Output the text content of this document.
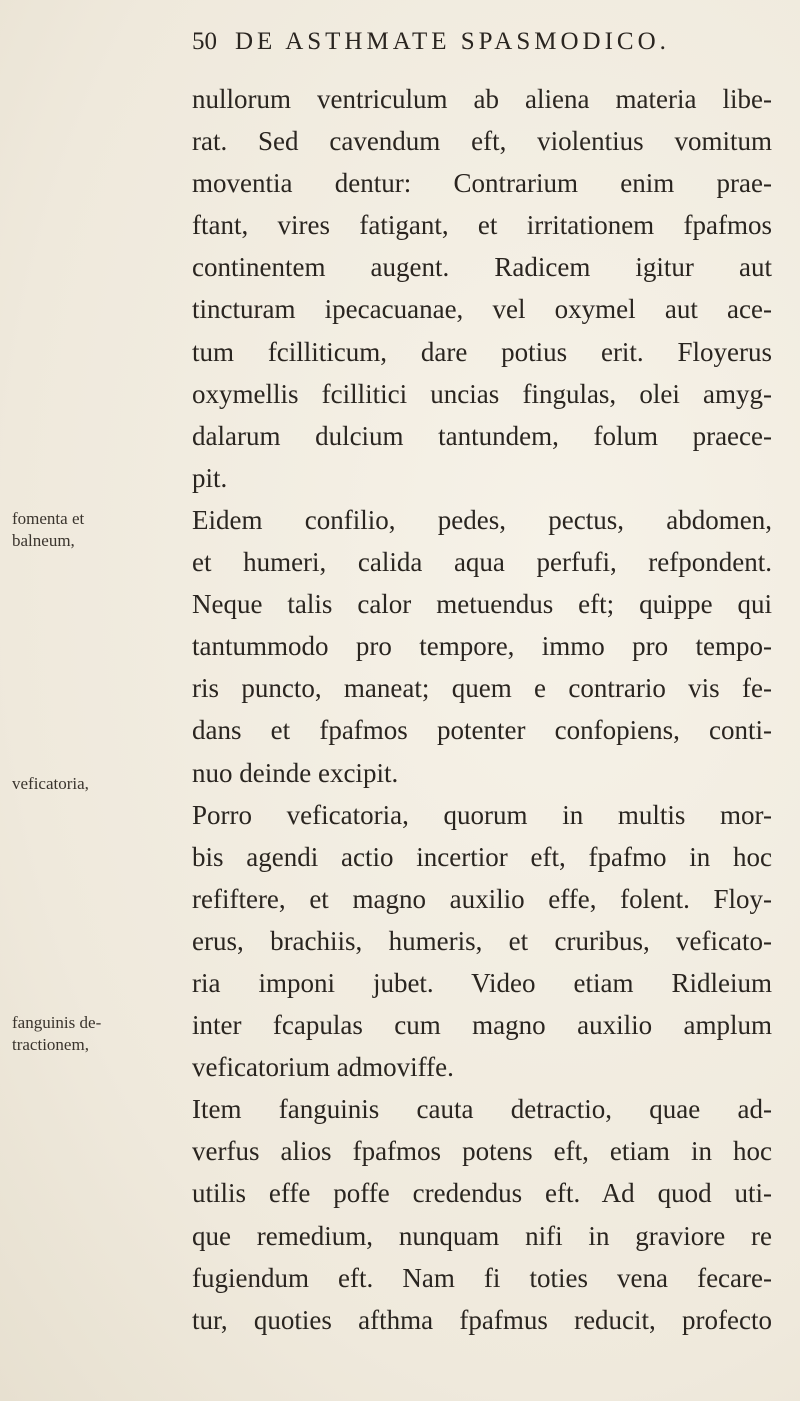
50 DE ASTHMATE SPASMODICO.
fomenta et
balneum,
veficatoria,
fanguinis de-
tractionem,
nullorum ventriculum ab aliena materia libe-
rat. Sed cavendum eft, violentius vomitum
moventia dentur: Contrarium enim prae-
ftant, vires fatigant, et irritationem fpafmos
continentem augent. Radicem igitur aut
tincturam ipecacuanae, vel oxymel aut ace-
tum fcilliticum, dare potius erit. Floyerus
oxymellis fcillitici uncias fingulas, olei amyg-
dalarum dulcium tantundem, folum praece-
pit.
Eidem confilio, pedes, pectus, abdomen,
et humeri, calida aqua perfufi, refpondent.
Neque talis calor metuendus eft; quippe qui
tantummodo pro tempore, immo pro tempo-
ris puncto, maneat; quem e contrario vis fe-
dans et fpafmos potenter confopiens, conti-
nuo deinde excipit.
Porro veficatoria, quorum in multis mor-
bis agendi actio incertior eft, fpafmo in hoc
refiftere, et magno auxilio effe, folent. Floy-
erus, brachiis, humeris, et cruribus, veficato-
ria imponi jubet. Video etiam Ridleium
inter fcapulas cum magno auxilio amplum
veficatorium admoviffe.
Item fanguinis cauta detractio, quae ad-
verfus alios fpafmos potens eft, etiam in hoc
utilis effe poffe credendus eft. Ad quod uti-
que remedium, nunquam nifi in graviore re
fugiendum eft. Nam fi toties vena fecare-
tur, quoties afthma fpafmus reducit, profecto
